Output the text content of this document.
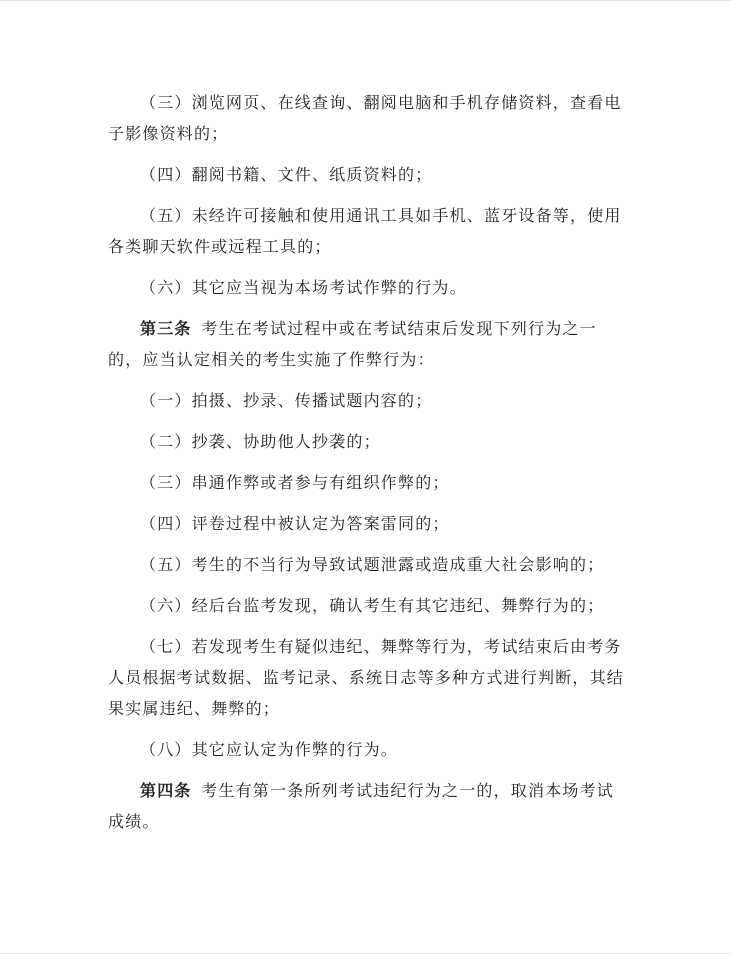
（三）浏览网页、在线查询、翻阅电脑和手机存储资料，查看电子影像资料的；

（四）翻阅书籍、文件、纸质资料的；

（五）未经许可接触和使用通讯工具如手机、蓝牙设备等，使用各类聊天软件或远程工具的；

（六）其它应当视为本场考试作弊的行为。

第三条 考生在考试过程中或在考试结束后发现下列行为之一的，应当认定相关的考生实施了作弊行为：

（一）拍摄、抄录、传播试题内容的；

（二）抄袭、协助他人抄袭的；

（三）串通作弊或者参与有组织作弊的；

（四）评卷过程中被认定为答案雷同的；

（五）考生的不当行为导致试题泄露或造成重大社会影响的；

（六）经后台监考发现，确认考生有其它违纪、舞弊行为的；

（七）若发现考生有疑似违纪、舞弊等行为，考试结束后由考务人员根据考试数据、监考记录、系统日志等多种方式进行判断，其结果实属违纪、舞弊的；

（八）其它应认定为作弊的行为。

第四条 考生有第一条所列考试违纪行为之一的，取消本场考试成绩。
